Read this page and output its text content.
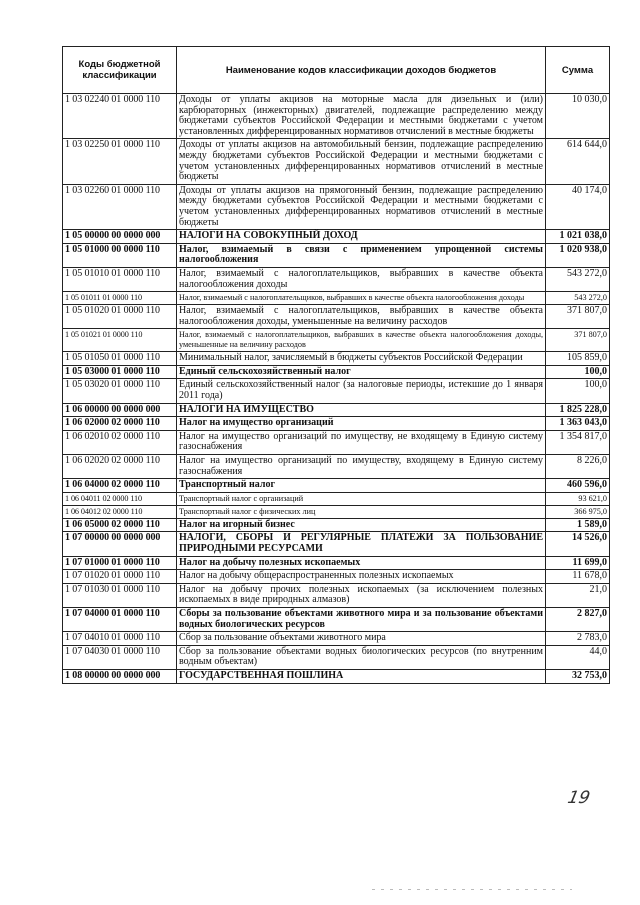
Коды бюджетной классификации	Наименование кодов классификации доходов бюджетов	Сумма
1 03 02240 01 0000 110	Доходы от уплаты акцизов на моторные масла для дизельных и (или) карбюраторных (инжекторных) двигателей, подлежащие распределению между бюджетами субъектов Российской Федерации и местными бюджетами с учетом установленных дифференцированных нормативов отчислений в местные бюджеты	10 030,0
1 03 02250 01 0000 110	Доходы от уплаты акцизов на автомобильный бензин, подлежащие распределению между бюджетами субъектов Российской Федерации и местными бюджетами с учетом установленных дифференцированных нормативов отчислений в местные бюджеты	614 644,0
1 03 02260 01 0000 110	Доходы от уплаты акцизов на прямогонный бензин, подлежащие распределению между бюджетами субъектов Российской Федерации и местными бюджетами с учетом установленных дифференцированных нормативов отчислений в местные бюджеты	40 174,0
1 05 00000 00 0000 000	НАЛОГИ НА СОВОКУПНЫЙ ДОХОД	1 021 038,0
1 05 01000 00 0000 110	Налог, взимаемый в связи с применением упрощенной системы налогообложения	1 020 938,0
1 05 01010 01 0000 110	Налог, взимаемый с налогоплательщиков, выбравших в качестве объекта налогообложения доходы	543 272,0
1 05 01011 01 0000 110	Налог, взимаемый с налогоплательщиков, выбравших в качестве объекта налогообложения доходы	543 272,0
1 05 01020 01 0000 110	Налог, взимаемый с налогоплательщиков, выбравших в качестве объекта налогообложения доходы, уменьшенные на величину расходов	371 807,0
1 05 01021 01 0000 110	Налог, взимаемый с налогоплательщиков, выбравших в качестве объекта налогообложения доходы, уменьшенные на величину расходов	371 807,0
1 05 01050 01 0000 110	Минимальный налог, зачисляемый в бюджеты субъектов Российской Федерации	105 859,0
1 05 03000 01 0000 110	Единый сельскохозяйственный налог	100,0
1 05 03020 01 0000 110	Единый сельскохозяйственный налог (за налоговые периоды, истекшие до 1 января 2011 года)	100,0
1 06 00000 00 0000 000	НАЛОГИ НА ИМУЩЕСТВО	1 825 228,0
1 06 02000 02 0000 110	Налог на имущество организаций	1 363 043,0
1 06 02010 02 0000 110	Налог на имущество организаций по имуществу, не входящему в Единую систему газоснабжения	1 354 817,0
1 06 02020 02 0000 110	Налог на имущество организаций по имуществу, входящему в Единую систему газоснабжения	8 226,0
1 06 04000 02 0000 110	Транспортный налог	460 596,0
1 06 04011 02 0000 110	Транспортный налог с организаций	93 621,0
1 06 04012 02 0000 110	Транспортный налог с физических лиц	366 975,0
1 06 05000 02 0000 110	Налог на игорный бизнес	1 589,0
1 07 00000 00 0000 000	НАЛОГИ, СБОРЫ И РЕГУЛЯРНЫЕ ПЛАТЕЖИ ЗА ПОЛЬЗОВАНИЕ ПРИРОДНЫМИ РЕСУРСАМИ	14 526,0
1 07 01000 01 0000 110	Налог на добычу полезных ископаемых	11 699,0
1 07 01020 01 0000 110	Налог на добычу общераспространенных полезных ископаемых	11 678,0
1 07 01030 01 0000 110	Налог на добычу прочих полезных ископаемых (за исключением полезных ископаемых в виде природных алмазов)	21,0
1 07 04000 01 0000 110	Сборы за пользование объектами животного мира и за пользование объектами водных биологических ресурсов	2 827,0
1 07 04010 01 0000 110	Сбор за пользование объектами животного мира	2 783,0
1 07 04030 01 0000 110	Сбор за пользование объектами водных биологических ресурсов (по внутренним водным объектам)	44,0
1 08 00000 00 0000 000	ГОСУДАРСТВЕННАЯ ПОШЛИНА	32 753,0
19
